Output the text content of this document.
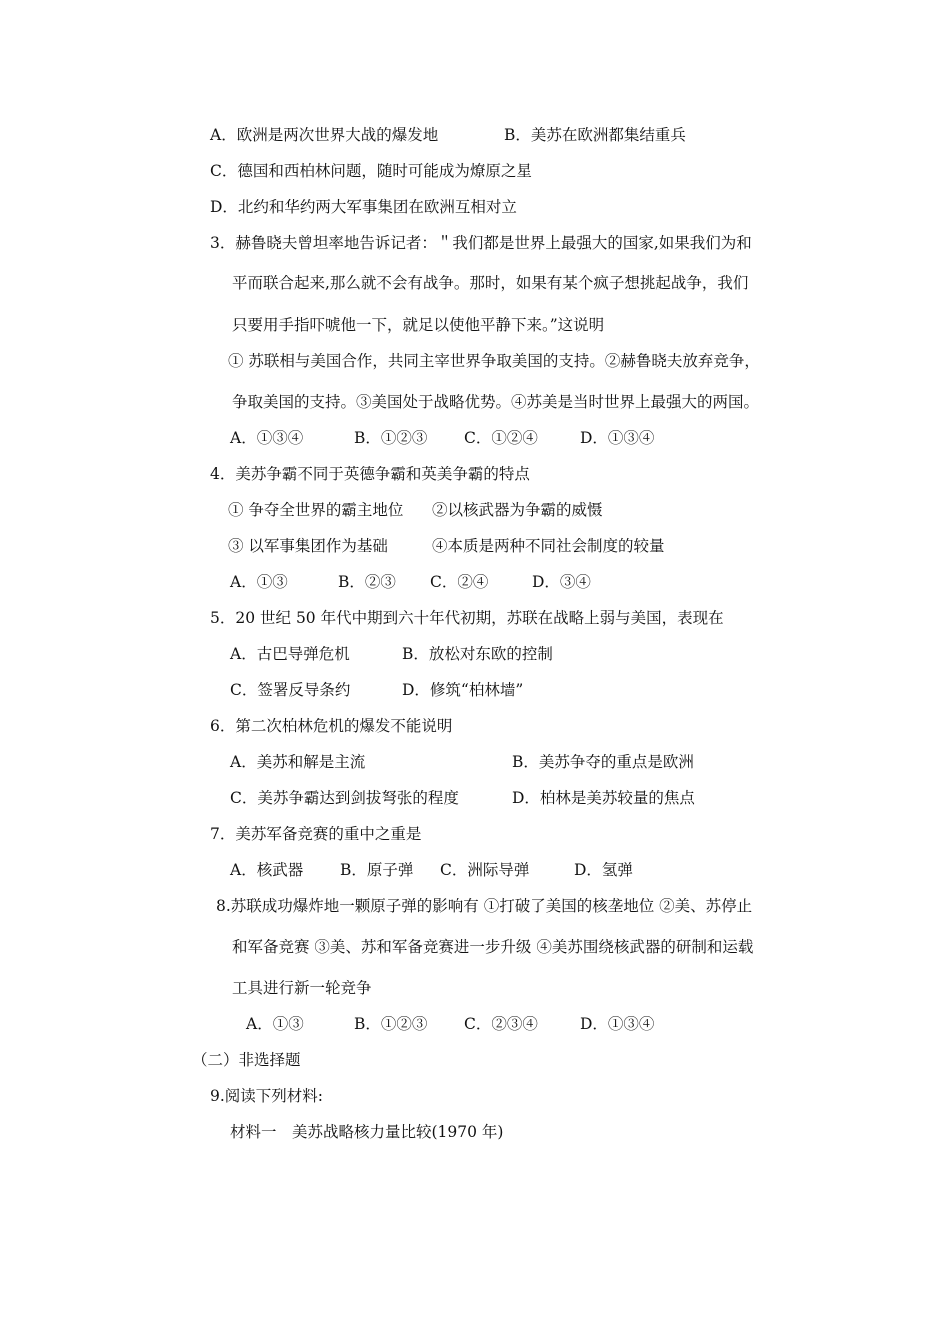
A．欧洲是两次世界大战的爆发地	B．美苏在欧洲都集结重兵
C．德国和西柏林问题，随时可能成为燎原之星
D．北约和华约两大军事集团在欧洲互相对立
3．赫鲁晓夫曾坦率地告诉记者：＂我们都是世界上最强大的国家,如果我们为和
平而联合起来,那么就不会有战争。那时，如果有某个疯子想挑起战争，我们
只要用手指吓唬他一下，就足以使他平静下来。”这说明
① 苏联相与美国合作，共同主宰世界争取美国的支持。②赫鲁晓夫放弃竞争，
争取美国的支持。③美国处于战略优势。④苏美是当时世界上最强大的两国。
A．①③④	B．①②③ C．①②④	D．①③④
4．美苏争霸不同于英德争霸和英美争霸的特点
① 争夺全世界的霸主地位 ②以核武器为争霸的威慑
③ 以军事集团作为基础	④本质是两种不同社会制度的较量
A．①③	B．②③ C．②④	D．③④
5．20 世纪 50 年代中期到六十年代初期，苏联在战略上弱与美国，表现在
A．古巴导弹危机	B．放松对东欧的控制
C．签署反导条约	D．修筑“柏林墙”
6．第二次柏林危机的爆发不能说明
A．美苏和解是主流	B．美苏争夺的重点是欧洲
C．美苏争霸达到剑拔弩张的程度	D．柏林是美苏较量的焦点
7．美苏军备竞赛的重中之重是
A．核武器 B．原子弹 C．洲际导弹	D．氢弹
8.苏联成功爆炸地一颗原子弹的影响有 ①打破了美国的核垄地位 ②美、苏停止
和军备竞赛 ③美、苏和军备竞赛进一步升级 ④美苏围绕核武器的研制和运载
工具进行新一轮竞争
A．①③	B．①②③ C．②③④	D．①③④
（二）非选择题
9.阅读下列材料:
材料一　美苏战略核力量比较(1970 年)
